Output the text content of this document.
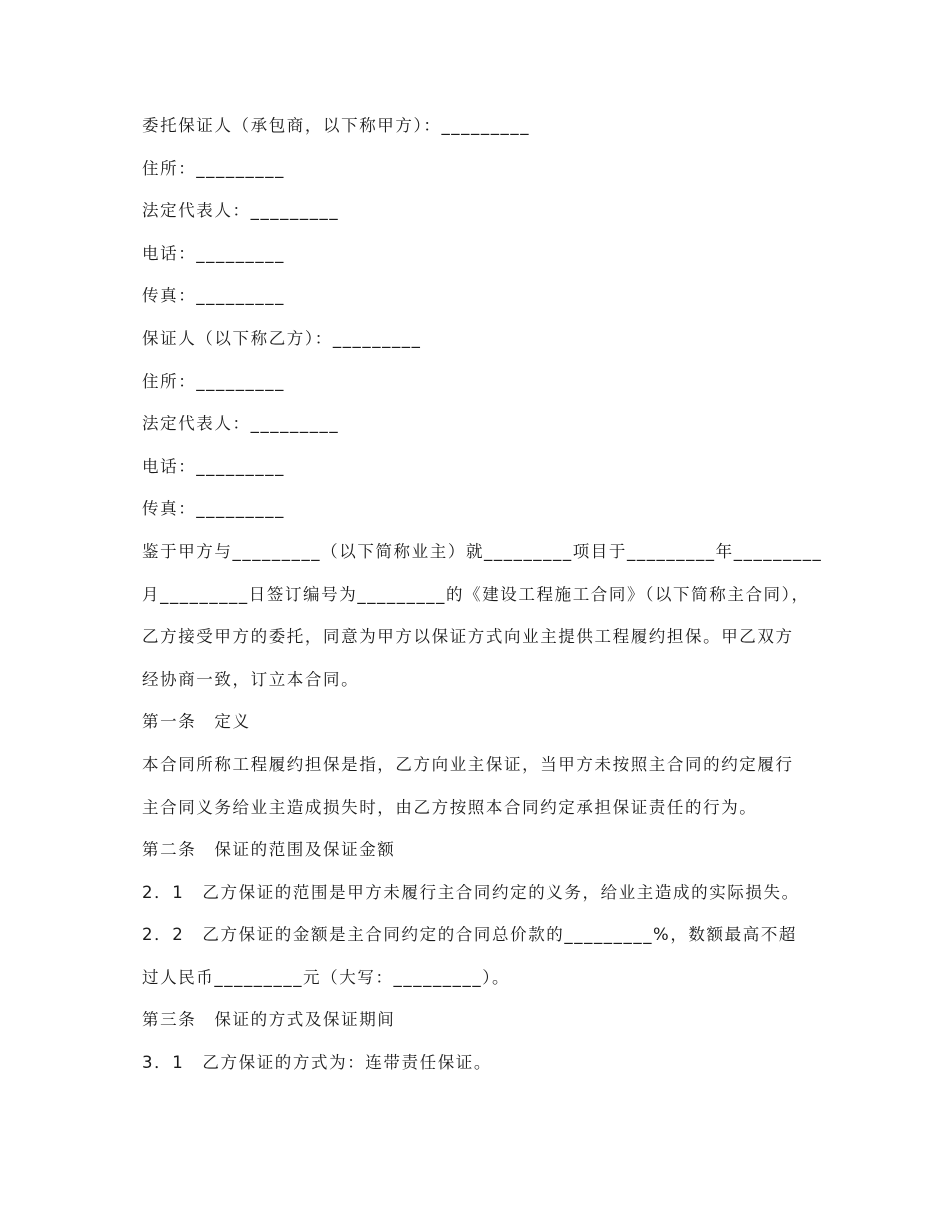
委托保证人（承包商，以下称甲方）：_________
住所：_________
法定代表人：_________
电话：_________
传真：_________
保证人（以下称乙方）：_________
住所：_________
法定代表人：_________
电话：_________
传真：_________
鉴于甲方与_________（以下简称业主）就_________项目于_________年_________
月_________日签订编号为_________的《建设工程施工合同》（以下简称主合同），
乙方接受甲方的委托，同意为甲方以保证方式向业主提供工程履约担保。甲乙双方
经协商一致，订立本合同。
第一条　定义
本合同所称工程履约担保是指，乙方向业主保证，当甲方未按照主合同的约定履行
主合同义务给业主造成损失时，由乙方按照本合同约定承担保证责任的行为。
第二条　保证的范围及保证金额
2．1　乙方保证的范围是甲方未履行主合同约定的义务，给业主造成的实际损失。
2．2　乙方保证的金额是主合同约定的合同总价款的_________%，数额最高不超
过人民币_________元（大写：_________）。
第三条　保证的方式及保证期间
3．1　乙方保证的方式为：连带责任保证。
